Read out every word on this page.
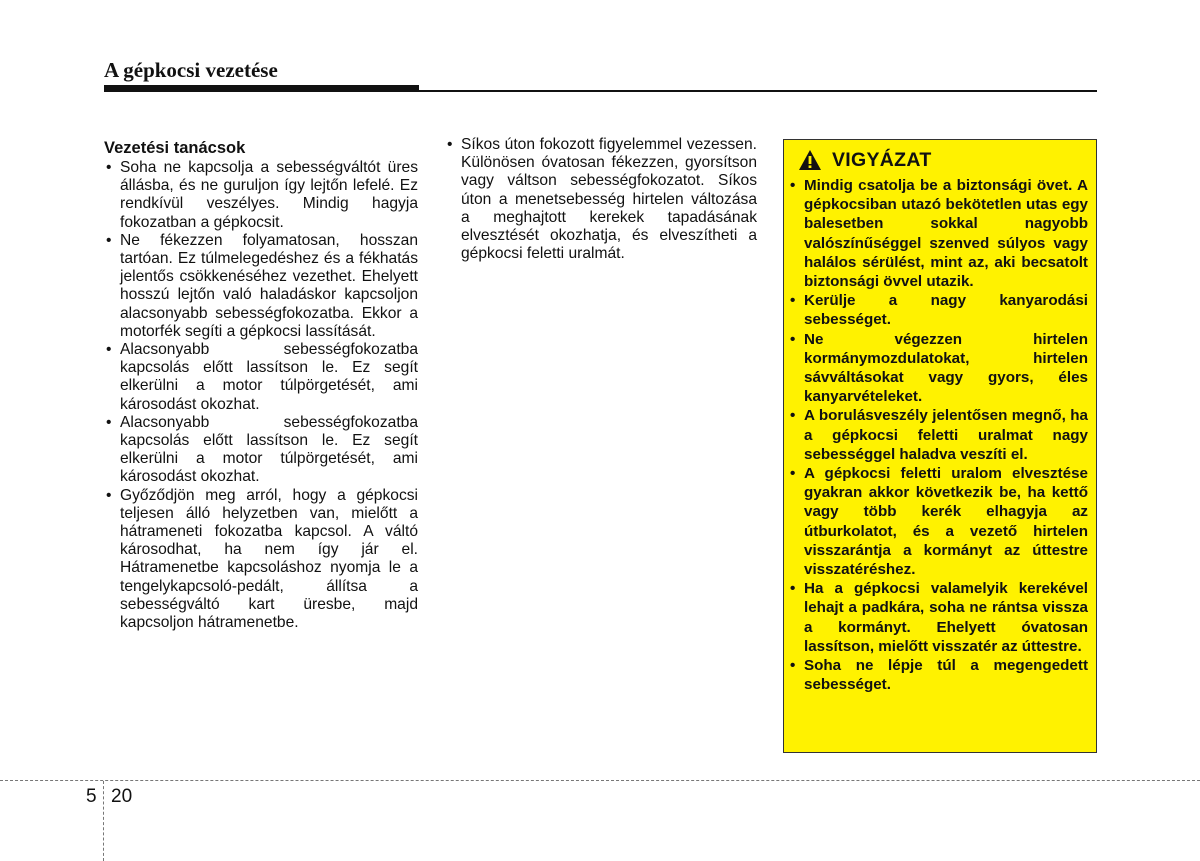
A gépkocsi vezetése
Vezetési tanácsok
• Soha ne kapcsolja a sebességváltót üres állásba, és ne guruljon így lejtőn lefelé. Ez rendkívül veszélyes. Mindig hagyja fokozatban a gépkocsit.
• Ne fékezzen folyamatosan, hosszan tartóan. Ez túlmelegedéshez és a fékhatás jelentős csökkenéséhez vezethet. Ehelyett hosszú lejtőn való haladáskor kapcsoljon alacsonyabb sebességfokozatba. Ekkor a motorfék segíti a gépkocsi lassítását.
• Alacsonyabb sebességfokozatba kapcsolás előtt lassítson le. Ez segít elkerülni a motor túlpörgetését, ami károsodást okozhat.
• Alacsonyabb sebességfokozatba kapcsolás előtt lassítson le. Ez segít elkerülni a motor túlpörgetését, ami károsodást okozhat.
• Győződjön meg arról, hogy a gépkocsi teljesen álló helyzetben van, mielőtt a hátrameneti fokozatba kapcsol. A váltó károsodhat, ha nem így jár el. Hátramenetbe kapcsoláshoz nyomja le a tengelykapcsoló-pedált, állítsa a sebességváltó kart üresbe, majd kapcsoljon hátramenetbe.
• Síkos úton fokozott figyelemmel vezessen. Különösen óvatosan fékezzen, gyorsítson vagy váltson sebességfokozatot. Síkos úton a menetsebesség hirtelen változása a meghajtott kerekek tapadásának elvesztését okozhatja, és elveszítheti a gépkocsi feletti uralmát.
VIGYÁZAT
• Mindig csatolja be a biztonsági övet. A gépkocsiban utazó bekötetlen utas egy balesetben sokkal nagyobb valószínűséggel szenved súlyos vagy halálos sérülést, mint az, aki becsatolt biztonsági övvel utazik.
• Kerülje a nagy kanyarodási sebességet.
• Ne végezzen hirtelen kormánymozdulatokat, hirtelen sávváltásokat vagy gyors, éles kanyarvételeket.
• A borulásveszély jelentősen megnő, ha a gépkocsi feletti uralmat nagy sebességgel haladva veszíti el.
• A gépkocsi feletti uralom elvesztése gyakran akkor következik be, ha kettő vagy több kerék elhagyja az útburkolatot, és a vezető hirtelen visszarántja a kormányt az úttestre visszatéréshez.
• Ha a gépkocsi valamelyik kerekével lehajt a padkára, soha ne rántsa vissza a kormányt. Ehelyett óvatosan lassítson, mielőtt visszatér az úttestre.
• Soha ne lépje túl a megengedett sebességet.
5 20
